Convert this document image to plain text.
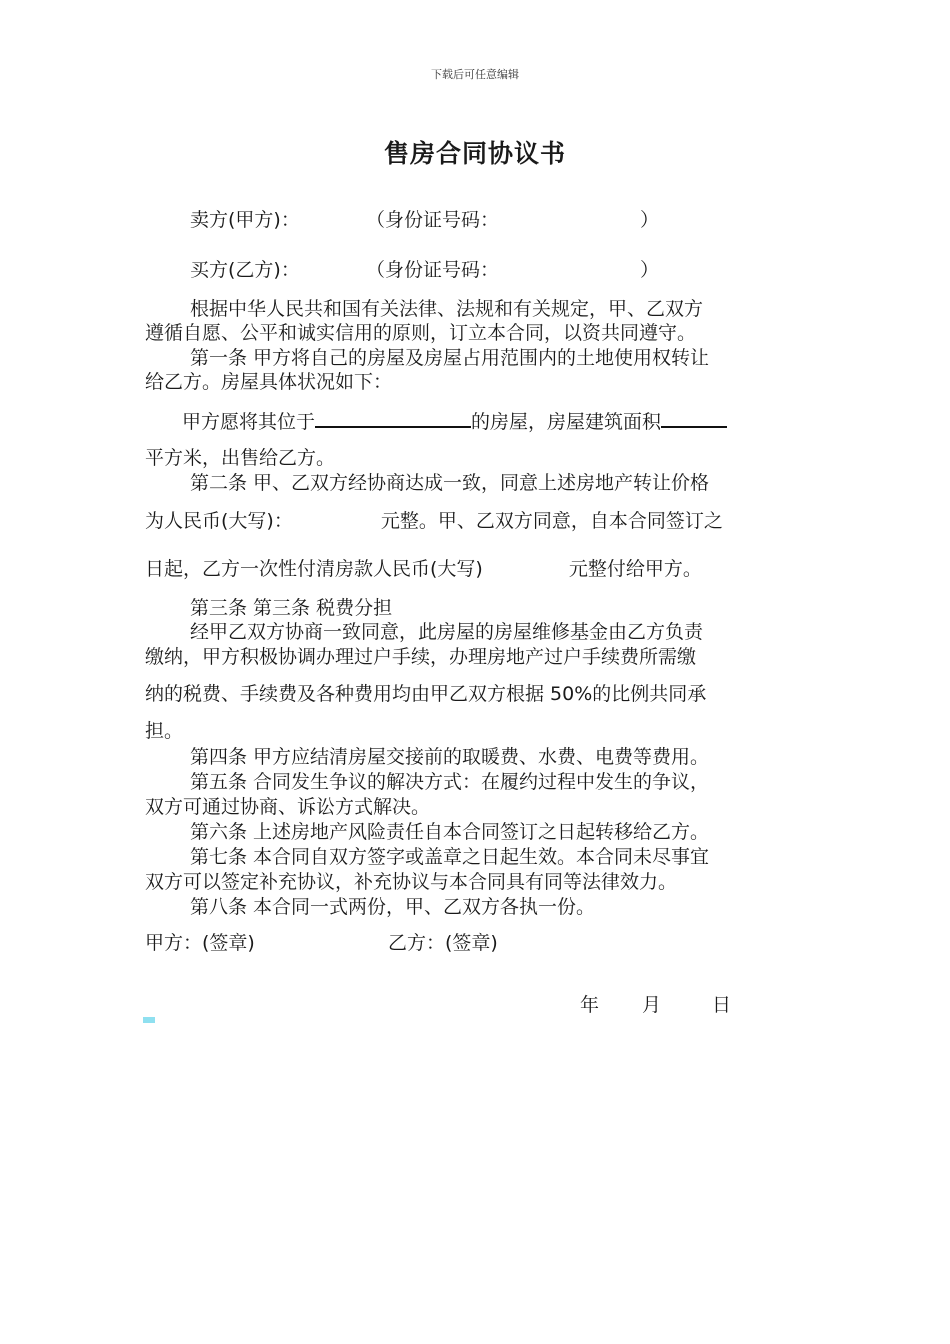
下载后可任意编辑
售房合同协议书
卖方(甲方)：	（身份证号码：	）
买方(乙方)：	（身份证号码：	）
根据中华人民共和国有关法律、法规和有关规定，甲、乙双方
遵循自愿、公平和诚实信用的原则，订立本合同，以资共同遵守。
第一条 甲方将自己的房屋及房屋占用范围内的土地使用权转让
给乙方。房屋具体状况如下：
甲方愿将其位于	的房屋，房屋建筑面积
平方米，出售给乙方。
第二条 甲、乙双方经协商达成一致，同意上述房地产转让价格
为人民币(大写)：	元整。甲、乙双方同意，自本合同签订之
日起，乙方一次性付清房款人民币(大写)	元整付给甲方。
第三条 第三条 税费分担
经甲乙双方协商一致同意，此房屋的房屋维修基金由乙方负责
缴纳，甲方积极协调办理过户手续，办理房地产过户手续费所需缴
纳的税费、手续费及各种费用均由甲乙双方根据 50%的比例共同承
担。
第四条 甲方应结清房屋交接前的取暖费、水费、电费等费用。
第五条 合同发生争议的解决方式：在履约过程中发生的争议，
双方可通过协商、诉讼方式解决。
第六条 上述房地产风险责任自本合同签订之日起转移给乙方。
第七条 本合同自双方签字或盖章之日起生效。本合同未尽事宜
双方可以签定补充协议，补充协议与本合同具有同等法律效力。
第八条 本合同一式两份，甲、乙双方各执一份。
甲方：(签章)	乙方：(签章)
年	月	日
